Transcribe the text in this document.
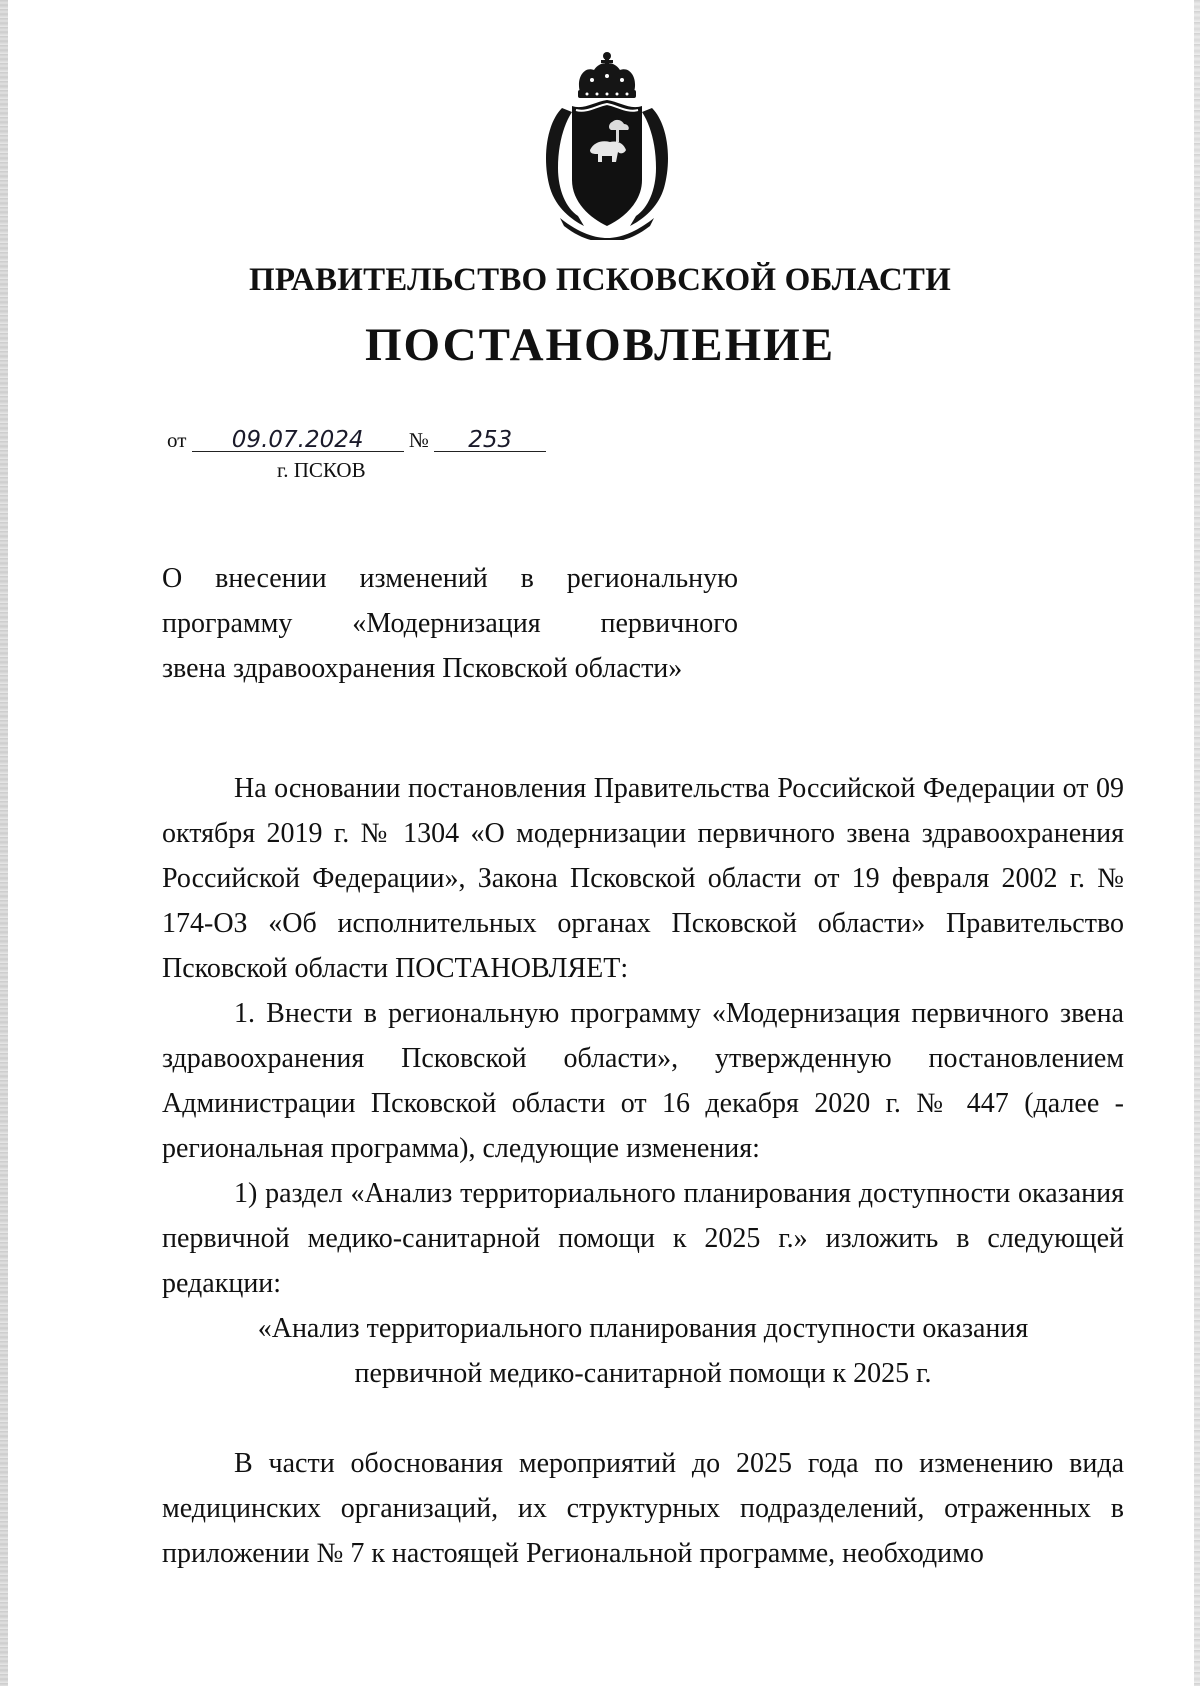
ПРАВИТЕЛЬСТВО ПСКОВСКОЙ ОБЛАСТИ
ПОСТАНОВЛЕНИЕ
от 09.07.2024 № 253
г. ПСКОВ
О внесении изменений в региональную
программу «Модернизация первичного
звена здравоохранения Псковской области»

На основании постановления Правительства Российской Федерации от 09 октября 2019 г. № 1304 «О модернизации первичного звена здравоохранения Российской Федерации», Закона Псковской области от 19 февраля 2002 г. № 174-ОЗ «Об исполнительных органах Псковской области» Правительство Псковской области ПОСТАНОВЛЯЕТ:

1. Внести в региональную программу «Модернизация первичного звена здравоохранения Псковской области», утвержденную постановлением Администрации Псковской области от 16 декабря 2020 г. № 447 (далее - региональная программа), следующие изменения:

1) раздел «Анализ территориального планирования доступности оказания первичной медико-санитарной помощи к 2025 г.» изложить в следующей редакции:

«Анализ территориального планирования доступности оказания

первичной медико-санитарной помощи к 2025 г.

В части обоснования мероприятий до 2025 года по изменению вида медицинских организаций, их структурных подразделений, отраженных в приложении № 7 к настоящей Региональной программе, необходимо
